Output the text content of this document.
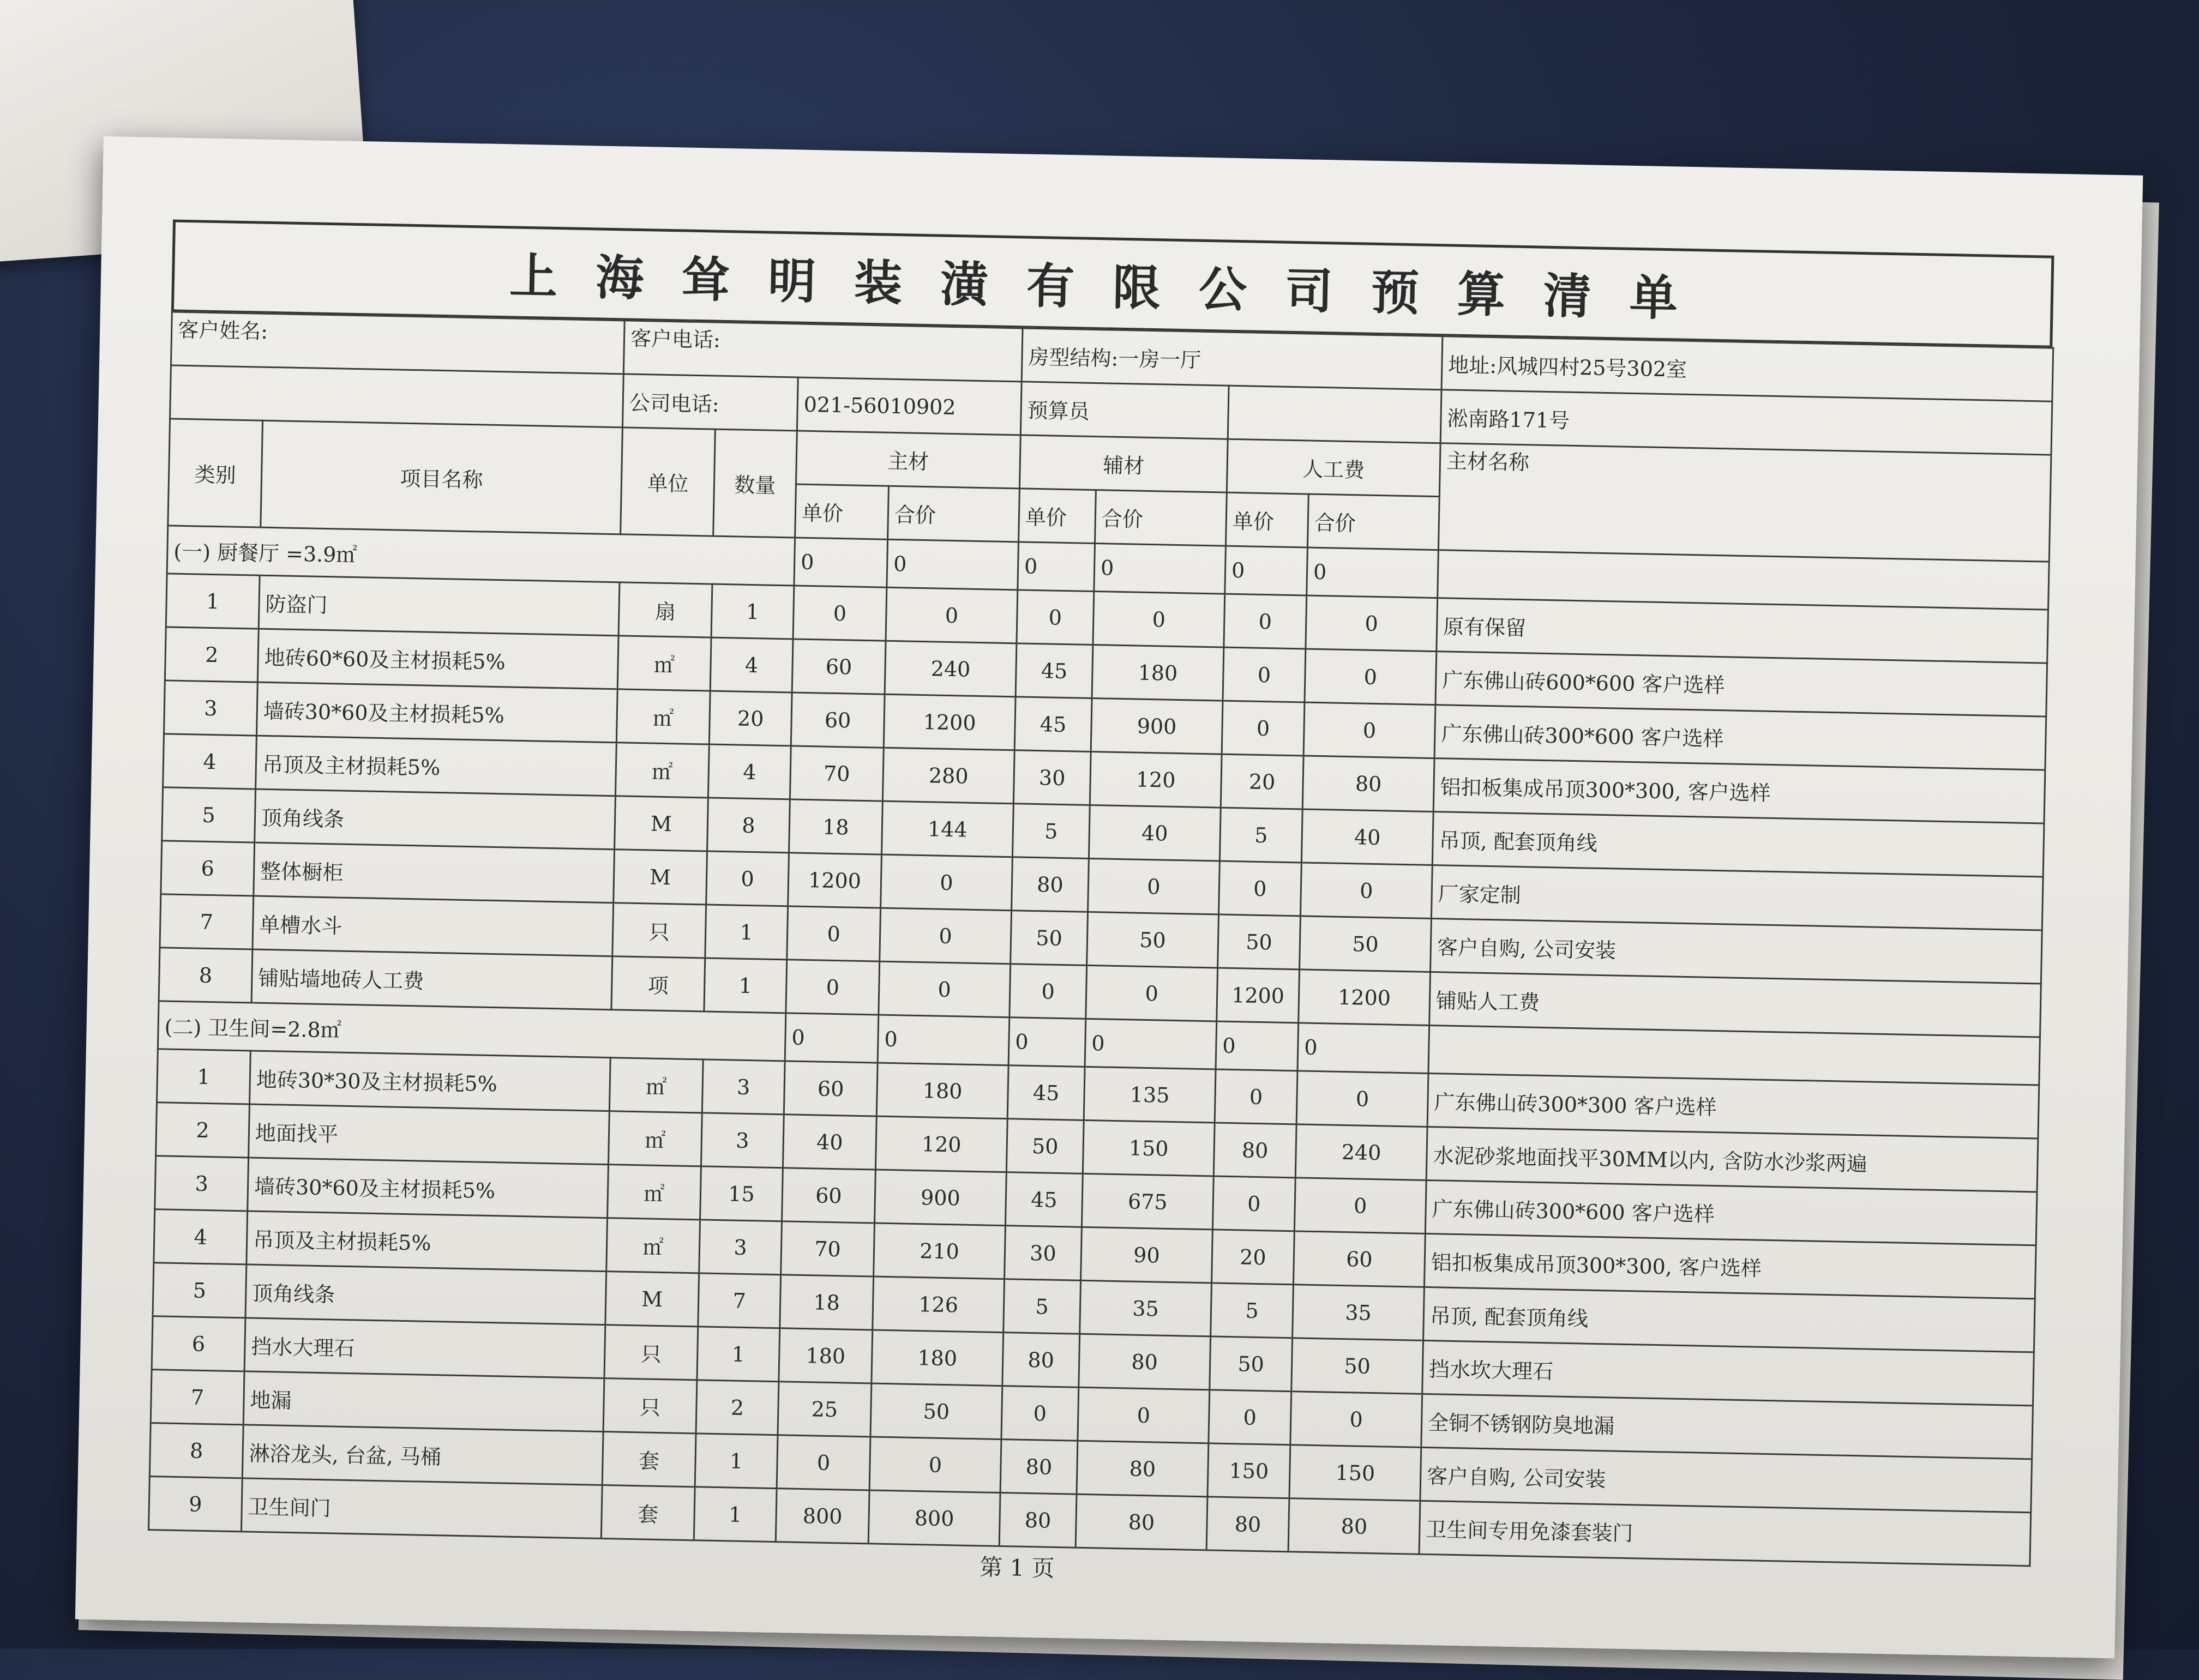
上海耸明装潢有限公司预算清单
客户姓名:		客户电话:				房型结构:一房一厅				地址:风城四村25号302室
		公司电话:		021-56010902		预算员				淞南路171号
类别	项目名称	单位	数量	主材		辅材		人工费		主材名称
				单价	合价	单价	合价	单价	合价	
(一) 厨餐厅 =3.9㎡				0	0	0	0	0	0	
1	防盗门	扇	1	0	0	0	0	0	0	原有保留
2	地砖60*60及主材损耗5%	㎡	4	60	240	45	180	0	0	广东佛山砖600*600 客户选样
3	墙砖30*60及主材损耗5%	㎡	20	60	1200	45	900	0	0	广东佛山砖300*600 客户选样
4	吊顶及主材损耗5%	㎡	4	70	280	30	120	20	80	铝扣板集成吊顶300*300, 客户选样
5	顶角线条	M	8	18	144	5	40	5	40	吊顶, 配套顶角线
6	整体橱柜	M	0	1200	0	80	0	0	0	厂家定制
7	单槽水斗	只	1	0	0	50	50	50	50	客户自购, 公司安装
8	铺贴墙地砖人工费	项	1	0	0	0	0	1200	1200	铺贴人工费
(二) 卫生间=2.8㎡				0	0	0	0	0	0	
1	地砖30*30及主材损耗5%	㎡	3	60	180	45	135	0	0	广东佛山砖300*300 客户选样
2	地面找平	㎡	3	40	120	50	150	80	240	水泥砂浆地面找平30MM以内, 含防水沙浆两遍
3	墙砖30*60及主材损耗5%	㎡	15	60	900	45	675	0	0	广东佛山砖300*600 客户选样
4	吊顶及主材损耗5%	㎡	3	70	210	30	90	20	60	铝扣板集成吊顶300*300, 客户选样
5	顶角线条	M	7	18	126	5	35	5	35	吊顶, 配套顶角线
6	挡水大理石	只	1	180	180	80	80	50	50	挡水坎大理石
7	地漏	只	2	25	50	0	0	0	0	全铜不锈钢防臭地漏
8	淋浴龙头, 台盆, 马桶	套	1	0	0	80	80	150	150	客户自购, 公司安装
9	卫生间门	套	1	800	800	80	80	80	80	卫生间专用免漆套装门
第 1 页
